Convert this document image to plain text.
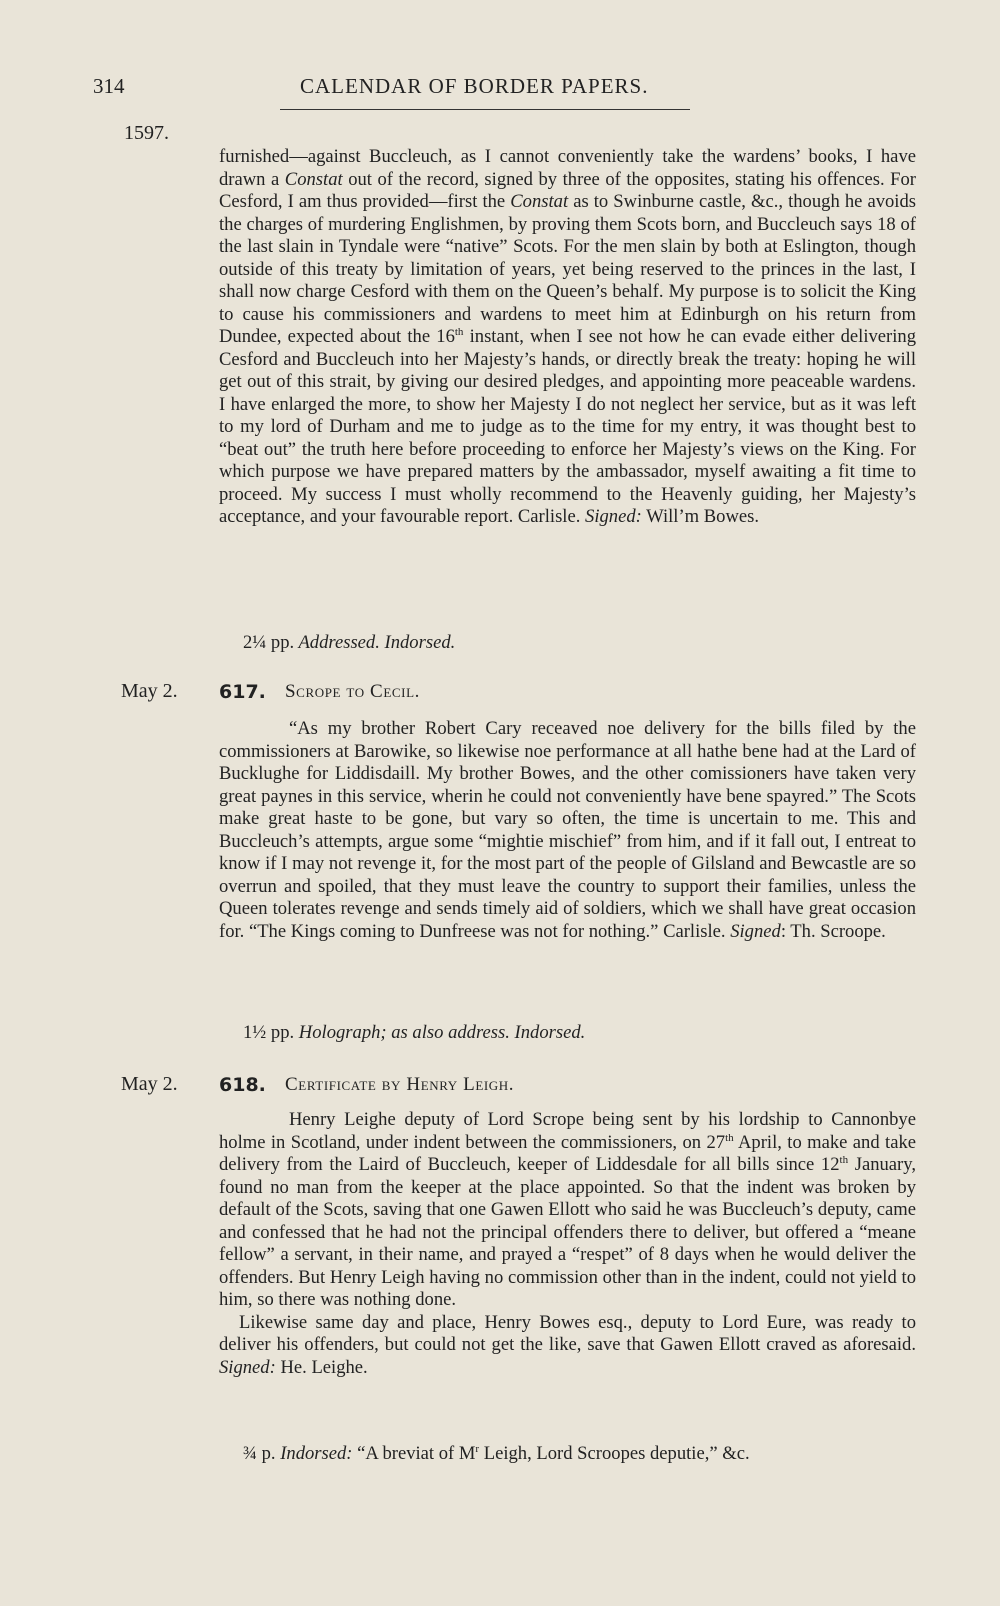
314	CALENDAR OF BORDER PAPERS.
1597.

furnished—against Buccleuch, as I cannot conveniently take the wardens’ books, I have drawn a Constat out of the record, signed by three of the opposites, stating his offences. For Cesford, I am thus provided—first the Constat as to Swinburne castle, &c., though he avoids the charges of murdering Englishmen, by proving them Scots born, and Buccleuch says 18 of the last slain in Tyndale were “native” Scots. For the men slain by both at Eslington, though outside of this treaty by limitation of years, yet being reserved to the princes in the last, I shall now charge Cesford with them on the Queen’s behalf. My purpose is to solicit the King to cause his commissioners and wardens to meet him at Edinburgh on his return from Dundee, expected about the 16th instant, when I see not how he can evade either delivering Cesford and Buccleuch into her Majesty’s hands, or directly break the treaty: hoping he will get out of this strait, by giving our desired pledges, and appointing more peaceable wardens. I have enlarged the more, to show her Majesty I do not neglect her service, but as it was left to my lord of Durham and me to judge as to the time for my entry, it was thought best to “beat out” the truth here before proceeding to enforce her Majesty’s views on the King. For which purpose we have prepared matters by the ambassador, myself awaiting a fit time to proceed. My success I must wholly recommend to the Heavenly guiding, her Majesty’s acceptance, and your favourable report. Carlisle. Signed: Will’m Bowes.

2¼ pp. Addressed. Indorsed.
May 2. 617. Scrope to Cecil.

“As my brother Robert Cary receaved noe delivery for the bills filed by the commissioners at Barowike, so likewise noe performance at all hathe bene had at the Lard of Bucklughe for Liddisdaill. My brother Bowes, and the other comissioners have taken very great paynes in this service, wherin he could not conveniently have bene spayred.” The Scots make great haste to be gone, but vary so often, the time is uncertain to me. This and Buccleuch’s attempts, argue some “mightie mischief” from him, and if it fall out, I entreat to know if I may not revenge it, for the most part of the people of Gilsland and Bewcastle are so overrun and spoiled, that they must leave the country to support their families, unless the Queen tolerates revenge and sends timely aid of soldiers, which we shall have great occasion for. “The Kings coming to Dunfreese was not for nothing.” Carlisle. Signed: Th. Scroope.

1½ pp. Holograph; as also address. Indorsed.
May 2. 618. Certificate by Henry Leigh.

Henry Leighe deputy of Lord Scrope being sent by his lordship to Cannonbye holme in Scotland, under indent between the commissioners, on 27th April, to make and take delivery from the Laird of Buccleuch, keeper of Liddesdale for all bills since 12th January, found no man from the keeper at the place appointed. So that the indent was broken by default of the Scots, saving that one Gawen Ellott who said he was Buccleuch’s deputy, came and confessed that he had not the principal offenders there to deliver, but offered a “meane fellow” a servant, in their name, and prayed a “respet” of 8 days when he would deliver the offenders. But Henry Leigh having no commission other than in the indent, could not yield to him, so there was nothing done.

Likewise same day and place, Henry Bowes esq., deputy to Lord Eure, was ready to deliver his offenders, but could not get the like, save that Gawen Ellott craved as aforesaid. Signed: He. Leighe.

¾ p. Indorsed: “A breviat of $M^r$ Leigh, Lord Scroopes deputie,” &c.
